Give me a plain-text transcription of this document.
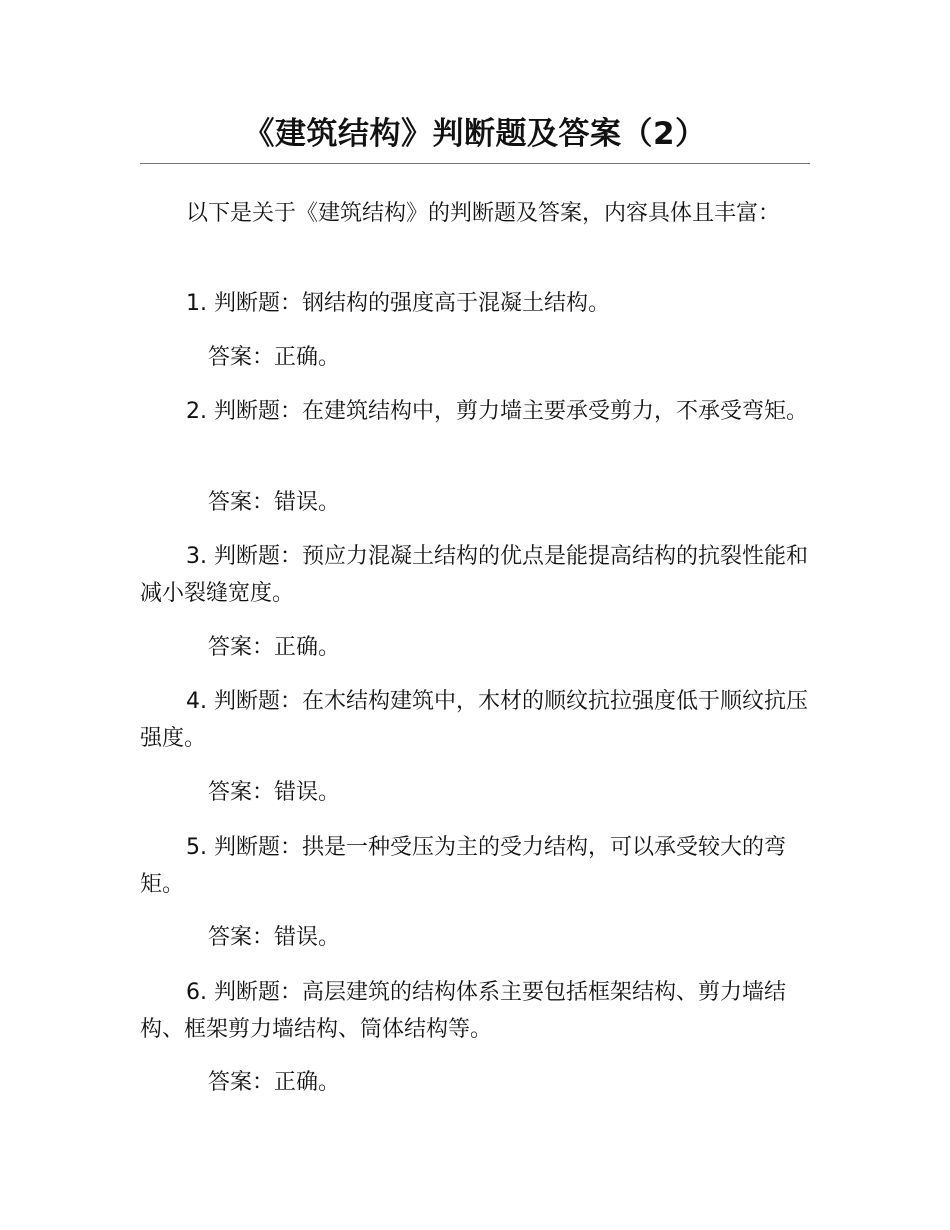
《建筑结构》判断题及答案（2）

以下是关于《建筑结构》的判断题及答案，内容具体且丰富：

1. 判断题：钢结构的强度高于混凝土结构。

答案：正确。

2. 判断题：在建筑结构中，剪力墙主要承受剪力，不承受弯矩。

答案：错误。

3. 判断题：预应力混凝土结构的优点是能提高结构的抗裂性能和减小裂缝宽度。

答案：正确。

4. 判断题：在木结构建筑中，木材的顺纹抗拉强度低于顺纹抗压强度。

答案：错误。

5. 判断题：拱是一种受压为主的受力结构，可以承受较大的弯矩。

答案：错误。

6. 判断题：高层建筑的结构体系主要包括框架结构、剪力墙结构、框架剪力墙结构、筒体结构等。

答案：正确。
